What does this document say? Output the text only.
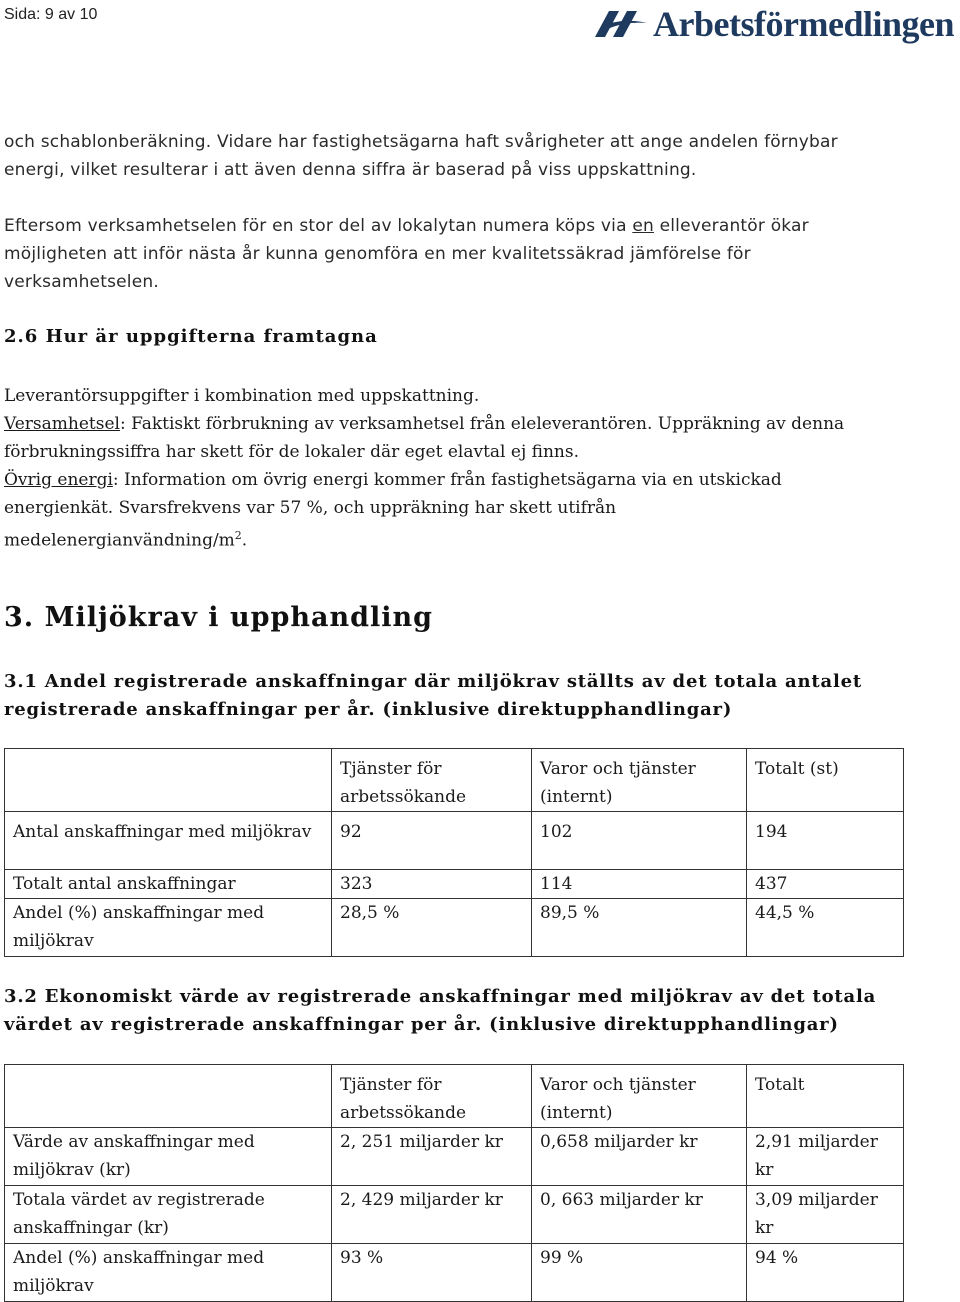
Sida: 9 av 10	Arbetsförmedlingen
och schablonberäkning. Vidare har fastighetsägarna haft svårigheter att ange andelen förnybar
energi, vilket resulterar i att även denna siffra är baserad på viss uppskattning.
Eftersom verksamhetselen för en stor del av lokalytan numera köps via en elleverantör ökar
möjligheten att inför nästa år kunna genomföra en mer kvalitetssäkrad jämförelse för
verksamhetselen.
2.6 Hur är uppgifterna framtagna
Leverantörsuppgifter i kombination med uppskattning.
Versamhetsel: Faktiskt förbrukning av verksamhetsel från eleleverantören. Uppräkning av denna
förbrukningssiffra har skett för de lokaler där eget elavtal ej finns.
Övrig energi: Information om övrig energi kommer från fastighetsägarna via en utskickad
energienkät. Svarsfrekvens var 57 %, och uppräkning har skett utifrån
medelenergianvändning/$m^2$.
3. Miljökrav i upphandling
3.1 Andel registrerade anskaffningar där miljökrav ställts av det totala antalet
registrerade anskaffningar per år. (inklusive direktupphandlingar)
	Tjänster för arbetssökande	Varor och tjänster (internt)	Totalt (st)
Antal anskaffningar med miljökrav	92	102	194
Totalt antal anskaffningar	323	114	437
Andel (%) anskaffningar med miljökrav	28,5 %	89,5 %	44,5 %
3.2 Ekonomiskt värde av registrerade anskaffningar med miljökrav av det totala
värdet av registrerade anskaffningar per år. (inklusive direktupphandlingar)
	Tjänster för arbetssökande	Varor och tjänster (internt)	Totalt
Värde av anskaffningar med miljökrav (kr)	2, 251 miljarder kr	0,658 miljarder kr	2,91 miljarder kr
Totala värdet av registrerade anskaffningar (kr)	2, 429 miljarder kr	0, 663 miljarder kr	3,09 miljarder kr
Andel (%) anskaffningar med miljökrav	93 %	99 %	94 %
